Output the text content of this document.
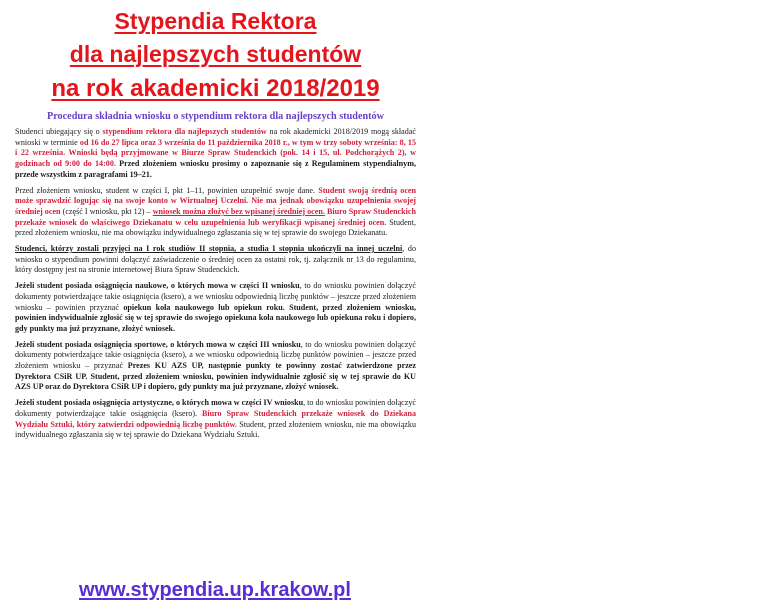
Stypendia Rektora
dla najlepszych studentów
na rok akademicki 2018/2019
Procedura składnia wniosku o stypendium rektora dla najlepszych studentów

Studenci ubiegający się o stypendium rektora dla najlepszych studentów na rok akademicki 2018/2019 mogą składać wnioski w terminie od 16 do 27 lipca oraz 3 września do 11 października 2018 r., w tym w trzy soboty września: 8, 15 i 22 września. Wnioski będą przyjmowane w Biurze Spraw Studenckich (pok. 14 i 15, ul. Podchorążych 2), w godzinach od 9:00 do 14:00. Przed złożeniem wniosku prosimy o zapoznanie się z Regulaminem stypendialnym, przede wszystkim z paragrafami 19–21.

Przed złożeniem wniosku, student w części I, pkt 1–11, powinien uzupełnić swoje dane. Student swoją średnią ocen może sprawdzić logując się na swoje konto w Wirtualnej Uczelni. Nie ma jednak obowiązku uzupełnienia swojej średniej ocen (część I wniosku, pkt 12) – wniosek można złożyć bez wpisanej średniej ocen. Biuro Spraw Studenckich przekaże wniosek do właściwego Dziekanatu w celu uzupełnienia lub weryfikacji wpisanej średniej ocen. Student, przed złożeniem wniosku, nie ma obowiązku indywidualnego zgłaszania się w tej sprawie do swojego Dziekanatu.

Studenci, którzy zostali przyjęci na I rok studiów II stopnia, a studia I stopnia ukończyli na innej uczelni, do wniosku o stypendium powinni dołączyć zaświadczenie o średniej ocen za ostatni rok, tj. załącznik nr 13 do regulaminu, który dostępny jest na stronie internetowej Biura Spraw Studenckich.

Jeżeli student posiada osiągnięcia naukowe, o których mowa w części II wniosku, to do wniosku powinien dołączyć dokumenty potwierdzające takie osiągnięcia (ksero), a we wniosku odpowiednią liczbę punktów – jeszcze przed złożeniem wniosku – powinien przyznać opiekun koła naukowego lub opiekun roku. Student, przed złożeniem wniosku, powinien indywidualnie zgłosić się w tej sprawie do swojego opiekuna koła naukowego lub opiekuna roku i dopiero, gdy punkty ma już przyznane, złożyć wniosek.

Jeżeli student posiada osiągnięcia sportowe, o których mowa w części III wniosku, to do wniosku powinien dołączyć dokumenty potwierdzające takie osiągnięcia (ksero), a we wniosku odpowiednią liczbę punktów powinien – jeszcze przed złożeniem wniosku – przyznać Prezes KU AZS UP, następnie punkty te powinny zostać zatwierdzone przez Dyrektora CSiR UP. Student, przed złożeniem wniosku, powinien indywidualnie zgłosić się w tej sprawie do KU AZS UP oraz do Dyrektora CSiR UP i dopiero, gdy punkty ma już przyznane, złożyć wniosek.

Jeżeli student posiada osiągnięcia artystyczne, o których mowa w części IV wniosku, to do wniosku powinien dołączyć dokumenty potwierdzające takie osiągnięcia (ksero). Biuro Spraw Studenckich przekaże wniosek do Dziekana Wydziału Sztuki, który zatwierdzi odpowiednią liczbę punktów. Student, przed złożeniem wniosku, nie ma obowiązku indywidualnego zgłaszania się w tej sprawie do Dziekana Wydziału Sztuki.

www.stypendia.up.krakow.pl
